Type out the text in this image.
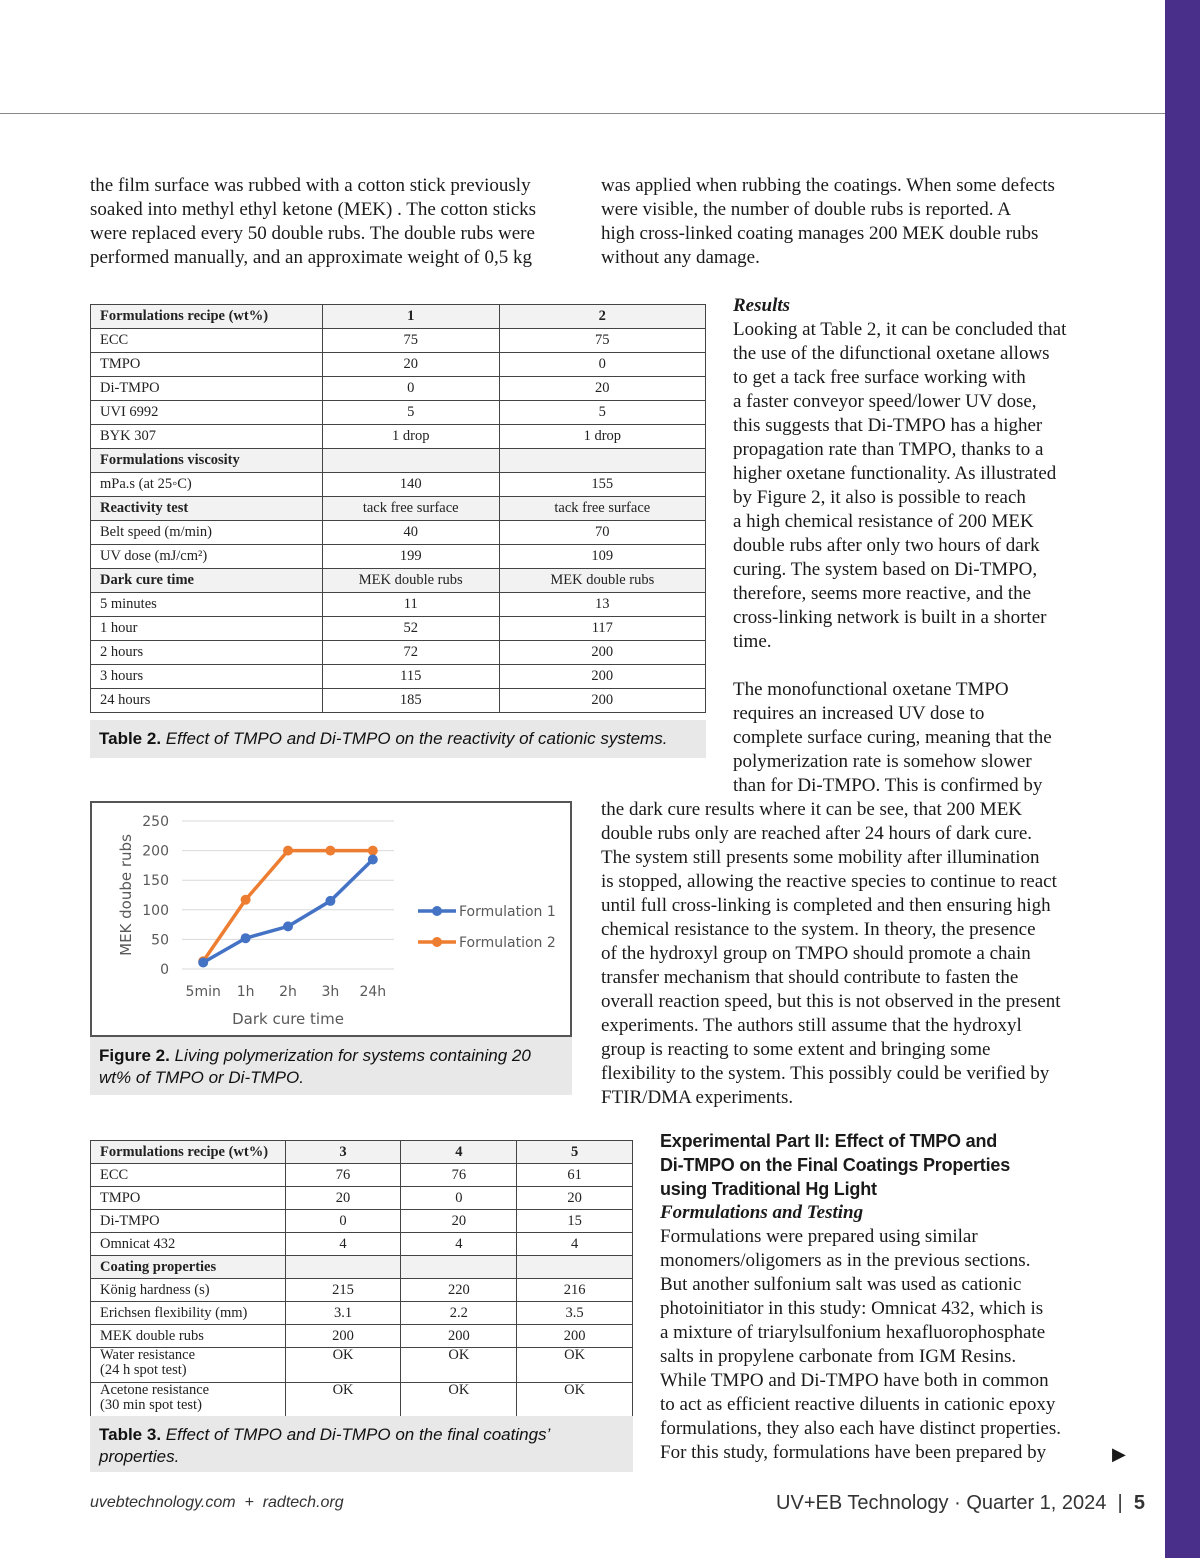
the film surface was rubbed with a cotton stick previously
soaked into methyl ethyl ketone (MEK) . The cotton sticks
were replaced every 50 double rubs. The double rubs were
performed manually, and an approximate weight of 0,5 kg
was applied when rubbing the coatings. When some defects
were visible, the number of double rubs is reported. A
high cross-linked coating manages 200 MEK double rubs
without any damage.
Formulations recipe (wt%)	1	2
ECC	75	75
TMPO	20	0
Di-TMPO	0	20
UVI 6992	5	5
BYK 307	1 drop	1 drop
Formulations viscosity		
mPa.s (at 25◦C)	140	155
Reactivity test	tack free surface	tack free surface
Belt speed (m/min)	40	70
UV dose (mJ/cm²)	199	109
Dark cure time	MEK double rubs	MEK double rubs
5 minutes	11	13
1 hour	52	117
2 hours	72	200
3 hours	115	200
24 hours	185	200
Table 2. Effect of TMPO and Di-TMPO on the reactivity of cationic systems.
Results
Looking at Table 2, it can be concluded that
the use of the difunctional oxetane allows
to get a tack free surface working with
a faster conveyor speed/lower UV dose,
this suggests that Di-TMPO has a higher
propagation rate than TMPO, thanks to a
higher oxetane functionality. As illustrated
by Figure 2, it also is possible to reach
a high chemical resistance of 200 MEK
double rubs after only two hours of dark
curing. The system based on Di-TMPO,
therefore, seems more reactive, and the
cross-linking network is built in a shorter
time.
The monofunctional oxetane TMPO
requires an increased UV dose to
complete surface curing, meaning that the
polymerization rate is somehow slower
than for Di-TMPO. This is confirmed by
the dark cure results where it can be see, that 200 MEK
double rubs only are reached after 24 hours of dark cure.
The system still presents some mobility after illumination
is stopped, allowing the reactive species to continue to react
until full cross-linking is completed and then ensuring high
chemical resistance to the system. In theory, the presence
of the hydroxyl group on TMPO should promote a chain
transfer mechanism that should contribute to fasten the
overall reaction speed, but this is not observed in the present
experiments. The authors still assume that the hydroxyl
group is reacting to some extent and bringing some
flexibility to the system. This possibly could be verified by
FTIR/DMA experiments.
0
50
100
150
200
250
5min 1h 2h 3h 24h
Dark cure time
MEK doube rubs	Formulation 1
Formulation 2
Figure 2. Living polymerization for systems containing 20 wt% of TMPO or Di-TMPO.
Formulations recipe (wt%)	3	4	5
ECC	76	76	61
TMPO	20	0	20
Di-TMPO	0	20	15
Omnicat 432	4	4	4
Coating properties			
König hardness (s)	215	220	216
Erichsen flexibility (mm)	3.1	2.2	3.5
MEK double rubs	200	200	200
Water resistance
(24 h spot test)	OK	OK	OK
Acetone resistance
(30 min spot test)	OK	OK	OK
Table 3. Effect of TMPO and Di-TMPO on the final coatings’ properties.
Experimental Part II: Effect of TMPO and
Di-TMPO on the Final Coatings Properties
using Traditional Hg Light
Formulations and Testing
Formulations were prepared using similar
monomers/oligomers as in the previous sections.
But another sulfonium salt was used as cationic
photoinitiator in this study: Omnicat 432, which is
a mixture of triarylsulfonium hexafluorophosphate
salts in propylene carbonate from IGM Resins.
While TMPO and Di-TMPO have both in common
to act as efficient reactive diluents in cationic epoxy
formulations, they also each have distinct properties.
For this study, formulations have been prepared by	▶
uvebtechnology.com  +  radtech.org	UV+EB Technology · Quarter 1, 2024 | 5
